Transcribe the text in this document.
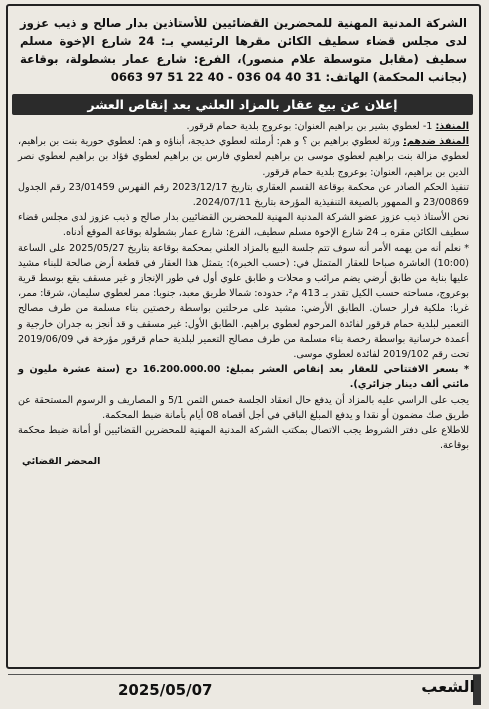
الشركة المدنية المهنية للمحضرين القضائيين للأستاذين بدار صالح و ذيب عزوز لدى مجلس قضاء سطيف الكائن مقرها الرئيسي بـ: 24 شارع الإخوة مسلم سطيف (مقابل متوسطة علام منصور)، الفرع: شارع عمار بشطولة، بوقاعة (بجانب المحكمة) الهاتف: 31 40 04 036 - 40 22 51 97 0663
إعلان عن بيع عقار بالمزاد العلني بعد إنقاص العشر

المنفذ: 1- لعطوي بشير بن براهيم العنوان: بوعروج بلدية حمام قرقور.

المنفذ ضدهم: ورثة لعطوي براهيم بن ؟ و هم: أرملته لعطوي خديجة، أبناؤه و هم: لعطوي حورية بنت بن براهيم، لعطوي مزالة بنت براهيم لعطوي موسى بن براهيم لعطوي فارس بن براهيم لعطوي فؤاد بن براهيم لعطوي نصر الدين بن براهيم، العنوان: بوعروج بلدية حمام قرقور.

تنفيذ الحكم الصادر عن محكمة بوقاعة القسم العقاري بتاريخ 2023/12/17 رقم الفهرس 23/01459 رقم الجدول 23/00869 و الممهور بالصيغة التنفيذية المؤرخة بتاريخ 2024/07/11.

نحن الأستاذ ذيب عزوز عضو الشركة المدنية المهنية للمحضرين القضائيين بدار صالح و ذيب عزوز لدى مجلس قضاء سطيف الكائن مقره بـ 24 شارع الإخوة مسلم سطيف، الفرع: شارع عمار بشطولة بوقاعة الموقع أدناه.

* نعلم أنه من يهمه الأمر أنه سوف تتم جلسة البيع بالمزاد العلني بمحكمة بوقاعة بتاريخ 2025/05/27 على الساعة (10:00) العاشرة صباحا للعقار المتمثل في: (حسب الخبرة): يتمثل هذا العقار في قطعة أرض صالحة للبناء مشيد عليها بناية من طابق أرضي يضم مرائب و محلات و طابق علوي أول في طور الإنجاز و غير مسقف يقع بوسط قرية بوعروج، مساحته حسب الكيل تقدر بـ 413 م²، حدوده: شمالا طريق معبد، جنوبا: ممر لعطوي سليمان، شرقا: ممر، غربا: ملكية فرار حسان. الطابق الأرضي: مشيد على مرحلتين بواسطة رخصتين بناء مسلمة من طرف مصالح التعمير لبلدية حمام قرقور لفائدة المرحوم لعطوي براهيم. الطابق الأول: غير مسقف و قد أنجز به جدران خارجية و أعمدة خرسانية بواسطة رخصة بناء مسلمة من طرف مصالح التعمير لبلدية حمام قرقور مؤرخة في 2019/06/09 تحت رقم 2019/102 لفائدة لعطوي موسى.

* بسعر الافتتاحي للعقار بعد إنقاص العشر بمبلغ: 16.200.000.00 دج (ستة عشرة مليون و مائتي ألف دينار جزائري).

يجب على الراسي عليه بالمزاد أن يدفع حال انعقاد الجلسة خمس الثمن 5/1 و المصاريف و الرسوم المستحقة عن طريق صك مضمون أو نقدا و يدفع المبلغ الباقي في أجل أقصاه 08 أيام بأمانة ضبط المحكمة.

للاطلاع على دفتر الشروط يجب الاتصال بمكتب الشركة المدنية المهنية للمحضرين القضائيين أو أمانة ضبط محكمة بوقاعة.

المحضر القضائي
2025/05/07	الشعب
